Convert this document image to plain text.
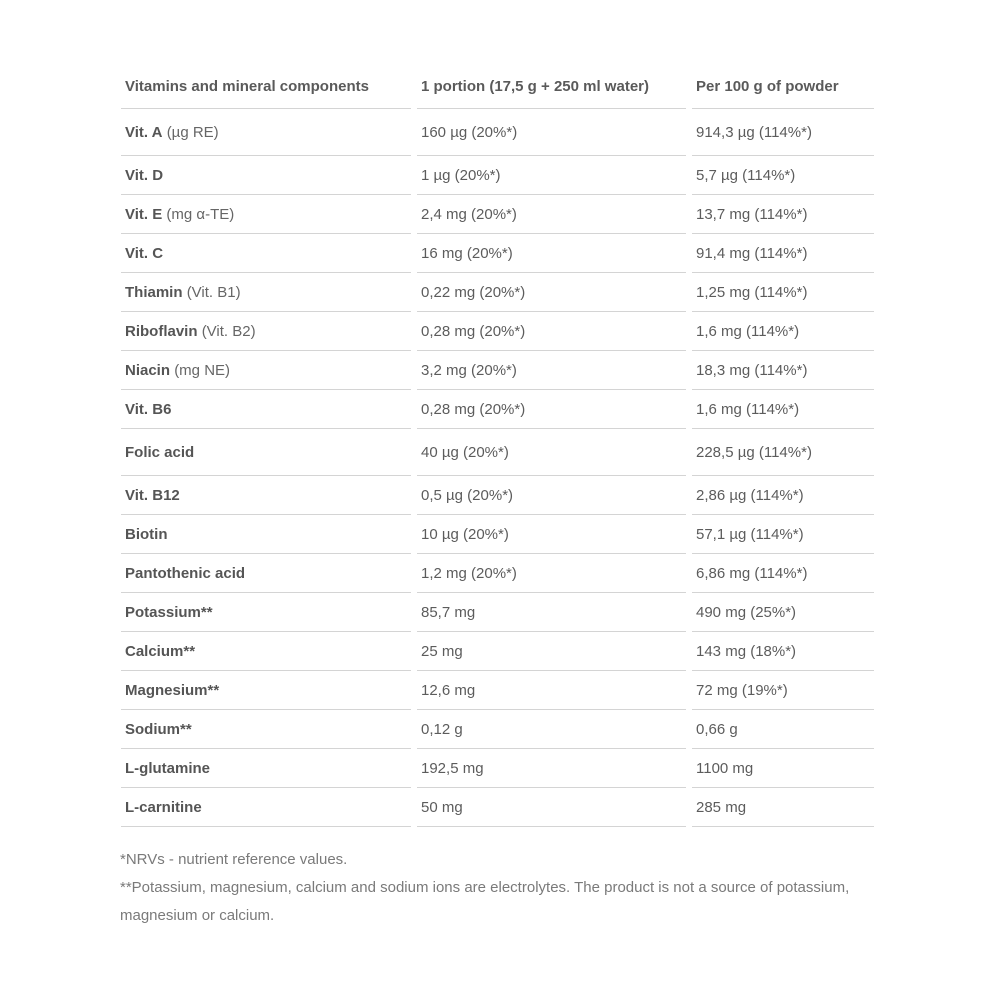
Vitamins and mineral components	1 portion (17,5 g + 250 ml water)	Per 100 g of powder
Vit. A (µg RE)	160 µg (20%*)	914,3 µg (114%*)
Vit. D	1 µg (20%*)	5,7 µg (114%*)
Vit. E (mg α-TE)	2,4 mg (20%*)	13,7 mg (114%*)
Vit. C	16 mg (20%*)	91,4 mg (114%*)
Thiamin (Vit. B1)	0,22 mg (20%*)	1,25 mg (114%*)
Riboflavin (Vit. B2)	0,28 mg (20%*)	1,6 mg (114%*)
Niacin (mg NE)	3,2 mg (20%*)	18,3 mg (114%*)
Vit. B6	0,28 mg (20%*)	1,6 mg (114%*)
Folic acid	40 µg (20%*)	228,5 µg (114%*)
Vit. B12	0,5 µg (20%*)	2,86 µg (114%*)
Biotin	10 µg (20%*)	57,1 µg (114%*)
Pantothenic acid	1,2 mg (20%*)	6,86 mg (114%*)
Potassium**	85,7 mg	490 mg (25%*)
Calcium**	25 mg	143 mg (18%*)
Magnesium**	12,6 mg	72 mg (19%*)
Sodium**	0,12 g	0,66 g
L-glutamine	192,5 mg	1100 mg
L-carnitine	50 mg	285 mg

*NRVs - nutrient reference values.

**Potassium, magnesium, calcium and sodium ions are electrolytes. The product is not a source of potassium, magnesium or calcium.
